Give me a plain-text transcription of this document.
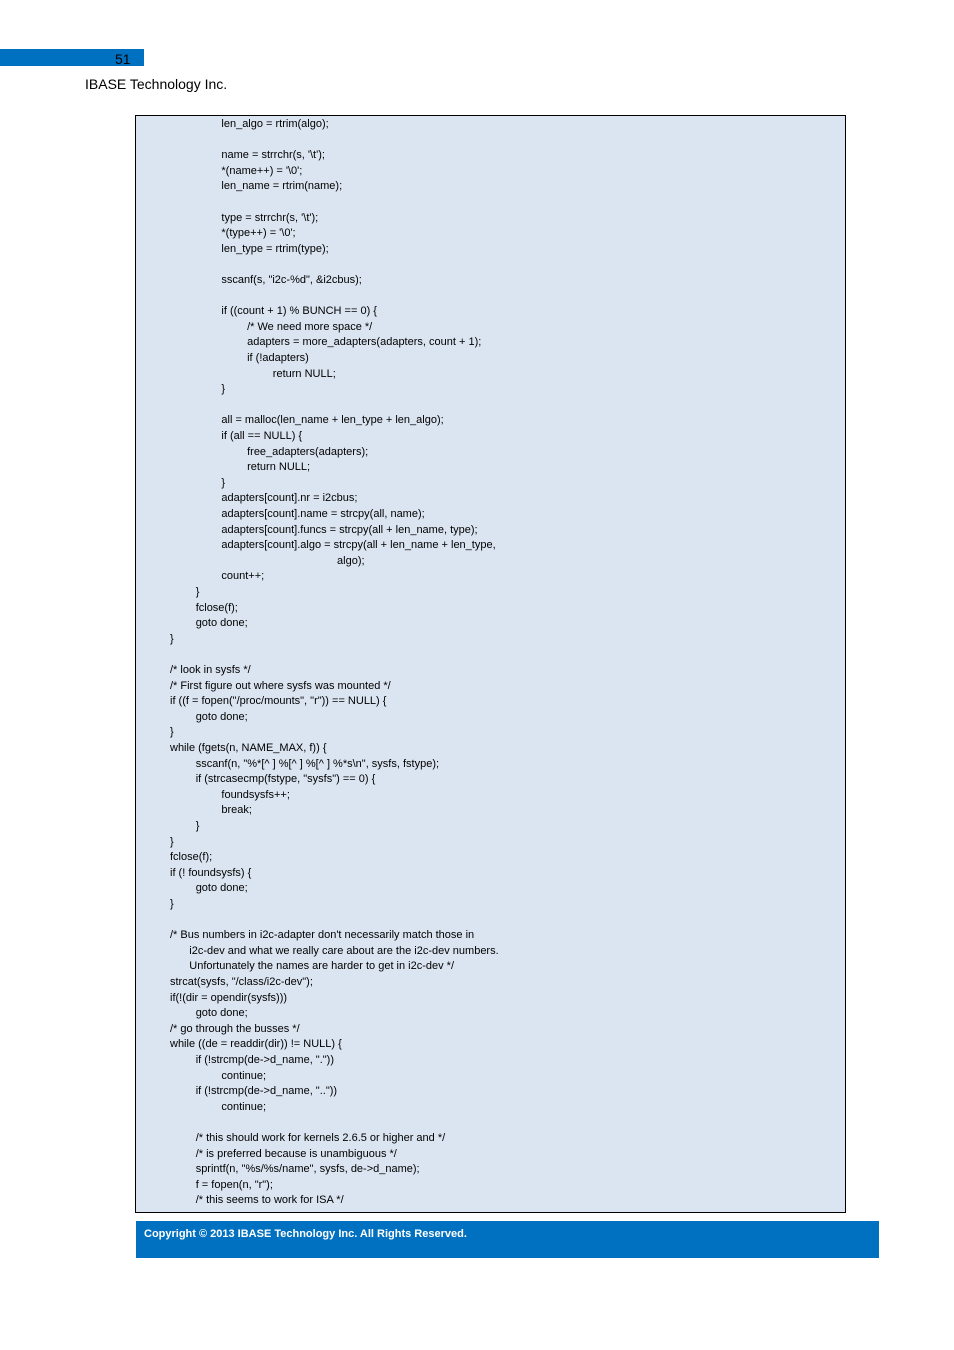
51
IBASE Technology Inc.
len_algo = rtrim(algo);
name = strrchr(s, '\t');
*(name++) = '\0';
len_name = rtrim(name);
type = strrchr(s, '\t');
*(type++) = '\0';
len_type = rtrim(type);
sscanf(s, "i2c-%d", &i2cbus);
if ((count + 1) % BUNCH == 0) {
/* We need more space */
adapters = more_adapters(adapters, count + 1);
if (!adapters)
return NULL;
}
all = malloc(len_name + len_type + len_algo);
if (all == NULL) {
free_adapters(adapters);
return NULL;
}
adapters[count].nr = i2cbus;
adapters[count].name = strcpy(all, name);
adapters[count].funcs = strcpy(all + len_name, type);
adapters[count].algo = strcpy(all + len_name + len_type,
algo);
count++;
}
fclose(f);
goto done;
}
/* look in sysfs */
/* First figure out where sysfs was mounted */
if ((f = fopen("/proc/mounts", "r")) == NULL) {
goto done;
}
while (fgets(n, NAME_MAX, f)) {
sscanf(n, "%*[^ ] %[^ ] %[^ ] %*s\n", sysfs, fstype);
if (strcasecmp(fstype, "sysfs") == 0) {
foundsysfs++;
break;
}
}
fclose(f);
if (! foundsysfs) {
goto done;
}
/* Bus numbers in i2c-adapter don't necessarily match those in
i2c-dev and what we really care about are the i2c-dev numbers.
Unfortunately the names are harder to get in i2c-dev */
strcat(sysfs, "/class/i2c-dev");
if(!(dir = opendir(sysfs)))
goto done;
/* go through the busses */
while ((de = readdir(dir)) != NULL) {
if (!strcmp(de->d_name, "."))
continue;
if (!strcmp(de->d_name, ".."))
continue;
/* this should work for kernels 2.6.5 or higher and */
/* is preferred because is unambiguous */
sprintf(n, "%s/%s/name", sysfs, de->d_name);
f = fopen(n, "r");
/* this seems to work for ISA */
Copyright © 2013 IBASE Technology Inc. All Rights Reserved.
